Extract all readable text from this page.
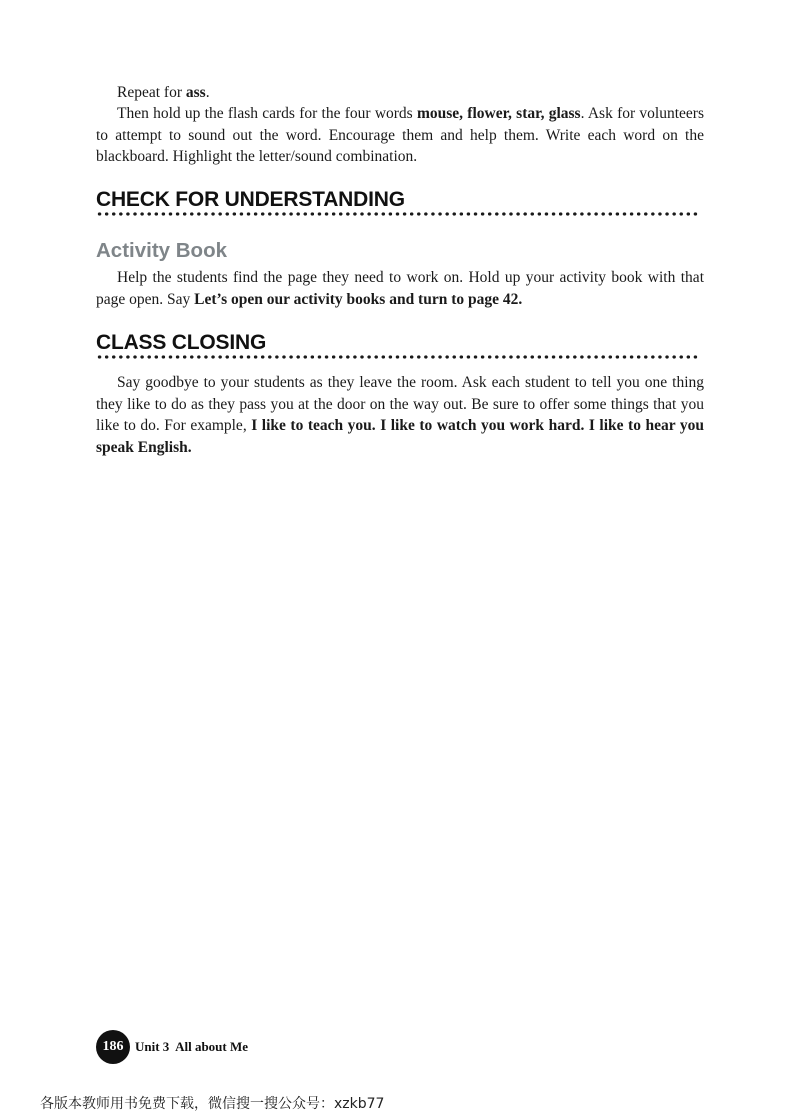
Repeat for ass.

Then hold up the flash cards for the four words mouse, flower, star, glass. Ask for volunteers to attempt to sound out the word. Encourage them and help them. Write each word on the blackboard. Highlight the letter/sound combination.

CHECK FOR UNDERSTANDING
Activity Book

Help the students find the page they need to work on. Hold up your activity book with that page open. Say Let’s open our activity books and turn to page 42.

CLASS CLOSING

Say goodbye to your students as they leave the room. Ask each student to tell you one thing they like to do as they pass you at the door on the way out. Be sure to offer some things that you like to do. For example, I like to teach you. I like to watch you work hard. I like to hear you speak English.

186 Unit 3  All about Me
各版本教师用书免费下载，微信搜一搜公众号：xzkb77
